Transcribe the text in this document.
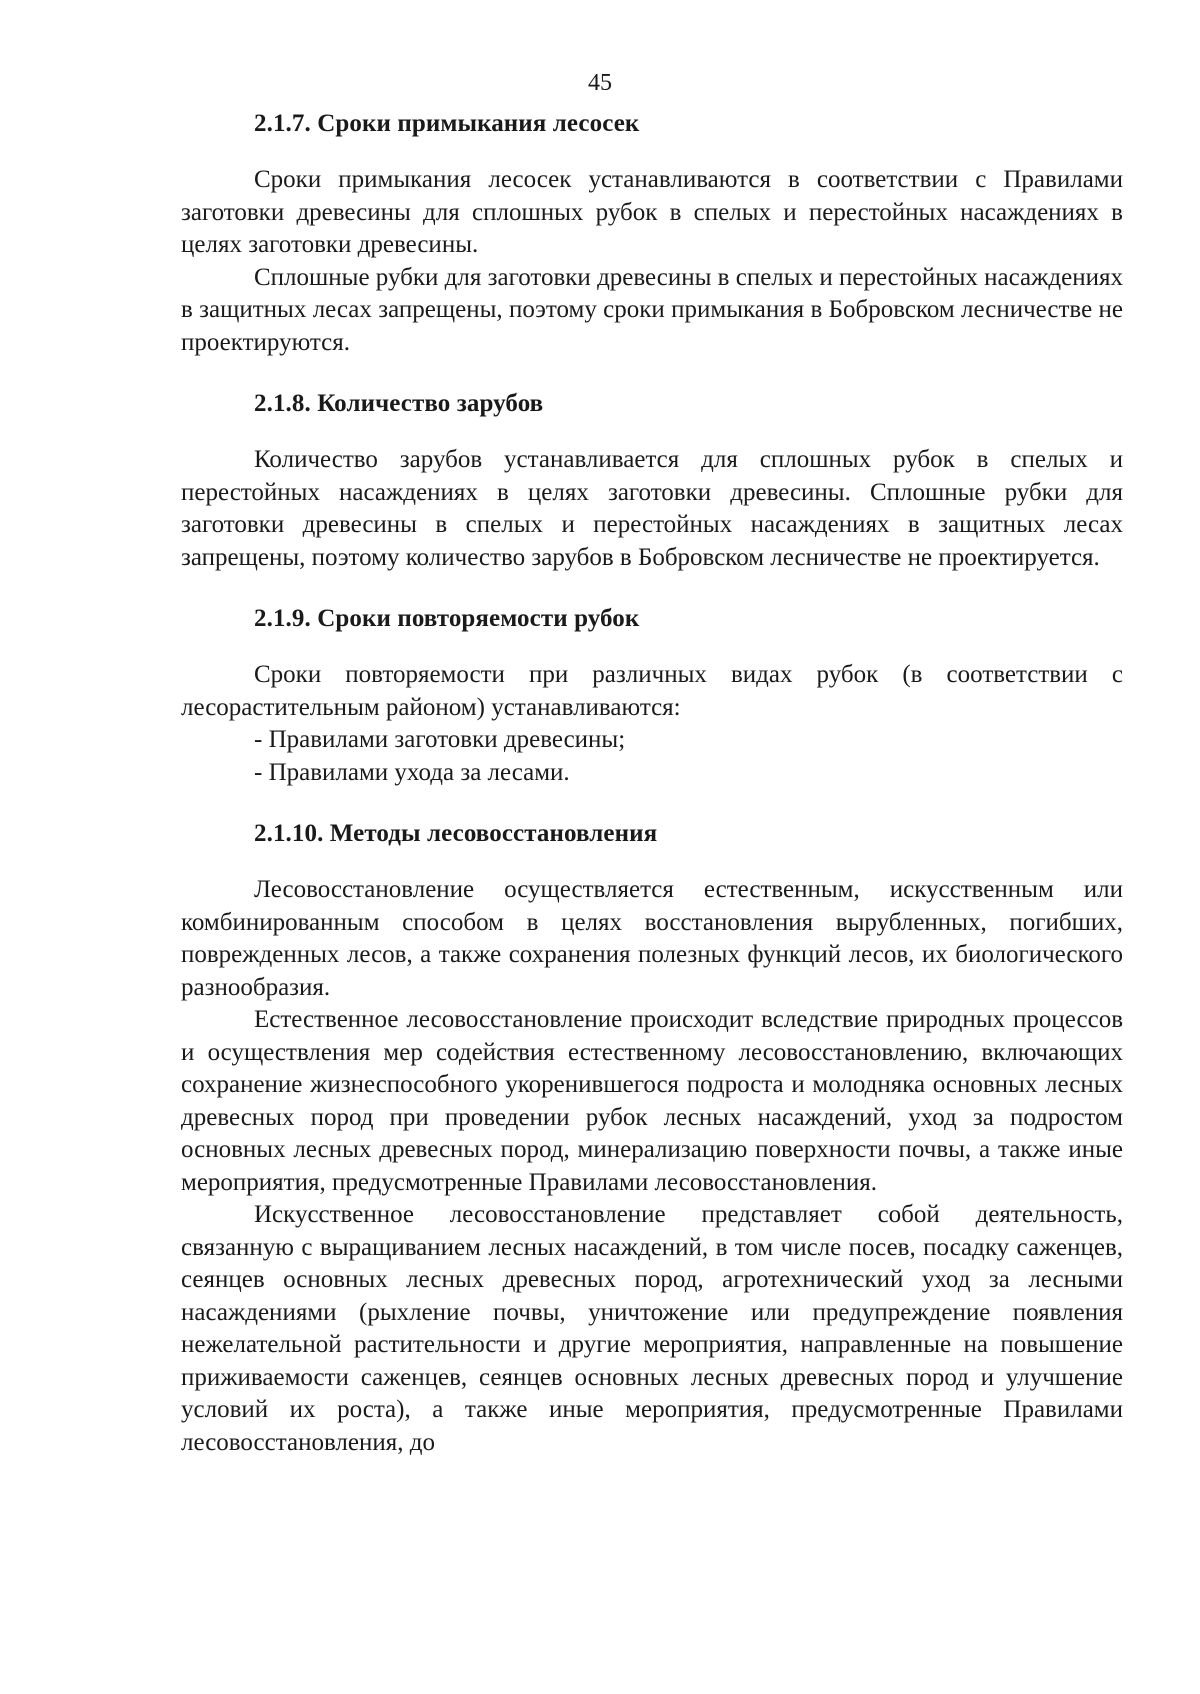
45
2.1.7. Сроки примыкания лесосек

Сроки примыкания лесосек устанавливаются в соответствии с Правилами заготовки древесины для сплошных рубок в спелых и перестойных насаждениях в целях заготовки древесины.

Сплошные рубки для заготовки древесины в спелых и перестойных насаждениях в защитных лесах запрещены, поэтому сроки примыкания в Бобровском лесничестве не проектируются.

2.1.8. Количество зарубов

Количество зарубов устанавливается для сплошных рубок в спелых и перестойных насаждениях в целях заготовки древесины. Сплошные рубки для заготовки древесины в спелых и перестойных насаждениях в защитных лесах запрещены, поэтому количество зарубов в Бобровском лесничестве не проектируется.

2.1.9. Сроки повторяемости рубок

Сроки повторяемости при различных видах рубок (в соответствии с лесорастительным районом) устанавливаются:

- Правилами заготовки древесины;
- Правилами ухода за лесами.
2.1.10. Методы лесовосстановления

Лесовосстановление осуществляется естественным, искусственным или комбинированным способом в целях восстановления вырубленных, погибших, поврежденных лесов, а также сохранения полезных функций лесов, их биологического разнообразия.

Естественное лесовосстановление происходит вследствие природных процессов и осуществления мер содействия естественному лесовосстановлению, включающих сохранение жизнеспособного укоренившегося подроста и молодняка основных лесных древесных пород при проведении рубок лесных насаждений, уход за подростом основных лесных древесных пород, минерализацию поверхности почвы, а также иные мероприятия, предусмотренные Правилами лесовосстановления.

Искусственное лесовосстановление представляет собой деятельность, связанную с выращиванием лесных насаждений, в том числе посев, посадку саженцев, сеянцев основных лесных древесных пород, агротехнический уход за лесными насаждениями (рыхление почвы, уничтожение или предупреждение появления нежелательной растительности и другие мероприятия, направленные на повышение приживаемости саженцев, сеянцев основных лесных древесных пород и улучшение условий их роста), а также иные мероприятия, предусмотренные Правилами лесовосстановления, до
